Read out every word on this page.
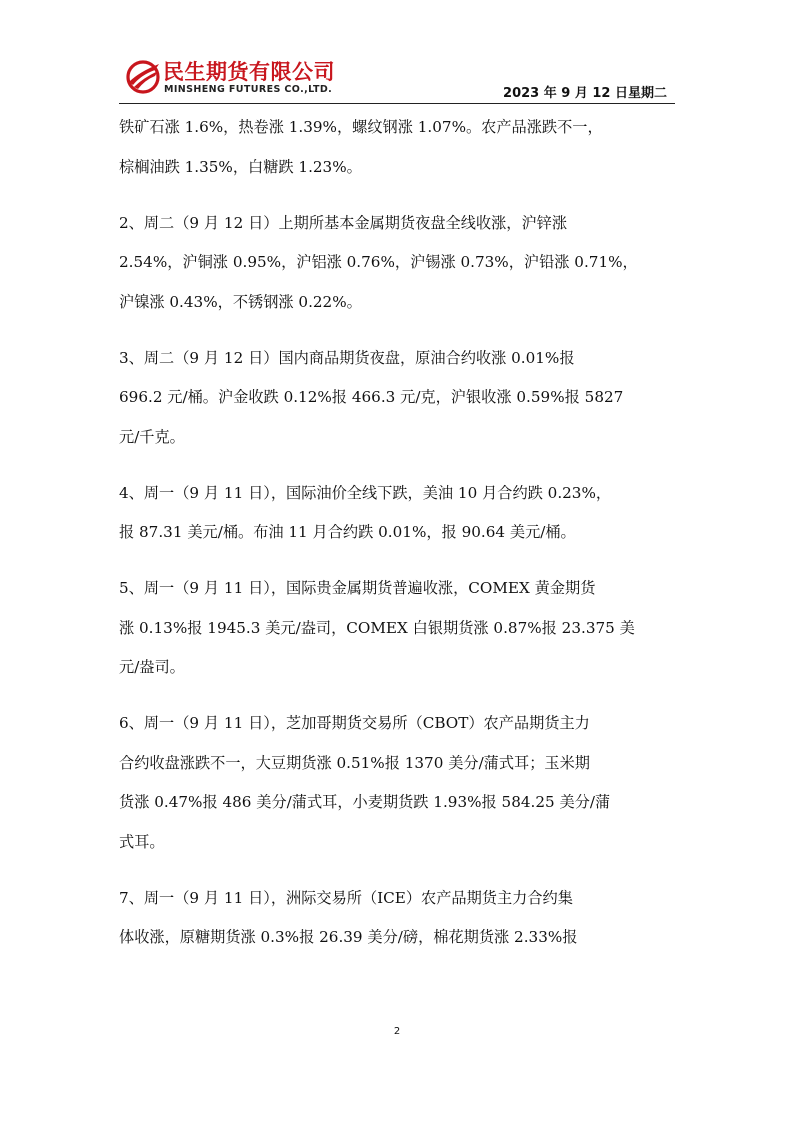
民生期货有限公司
MINSHENG FUTURES CO.,LTD.	2023 年 9 月 12 日星期二
铁矿石涨 1.6%，热卷涨 1.39%，螺纹钢涨 1.07%。农产品涨跌不一，
棕榈油跌 1.35%，白糖跌 1.23%。
2、周二（9 月 12 日）上期所基本金属期货夜盘全线收涨，沪锌涨
2.54%，沪铜涨 0.95%，沪铝涨 0.76%，沪锡涨 0.73%，沪铅涨 0.71%，
沪镍涨 0.43%，不锈钢涨 0.22%。
3、周二（9 月 12 日）国内商品期货夜盘，原油合约收涨 0.01%报
696.2 元/桶。沪金收跌 0.12%报 466.3 元/克，沪银收涨 0.59%报 5827
元/千克。
4、周一（9 月 11 日），国际油价全线下跌，美油 10 月合约跌 0.23%，
报 87.31 美元/桶。布油 11 月合约跌 0.01%，报 90.64 美元/桶。
5、周一（9 月 11 日），国际贵金属期货普遍收涨，COMEX 黄金期货
涨 0.13%报 1945.3 美元/盎司，COMEX 白银期货涨 0.87%报 23.375 美
元/盎司。
6、周一（9 月 11 日），芝加哥期货交易所（CBOT）农产品期货主力
合约收盘涨跌不一，大豆期货涨 0.51%报 1370 美分/蒲式耳；玉米期
货涨 0.47%报 486 美分/蒲式耳，小麦期货跌 1.93%报 584.25 美分/蒲
式耳。
7、周一（9 月 11 日），洲际交易所（ICE）农产品期货主力合约集
体收涨，原糖期货涨 0.3%报 26.39 美分/磅，棉花期货涨 2.33%报
2
